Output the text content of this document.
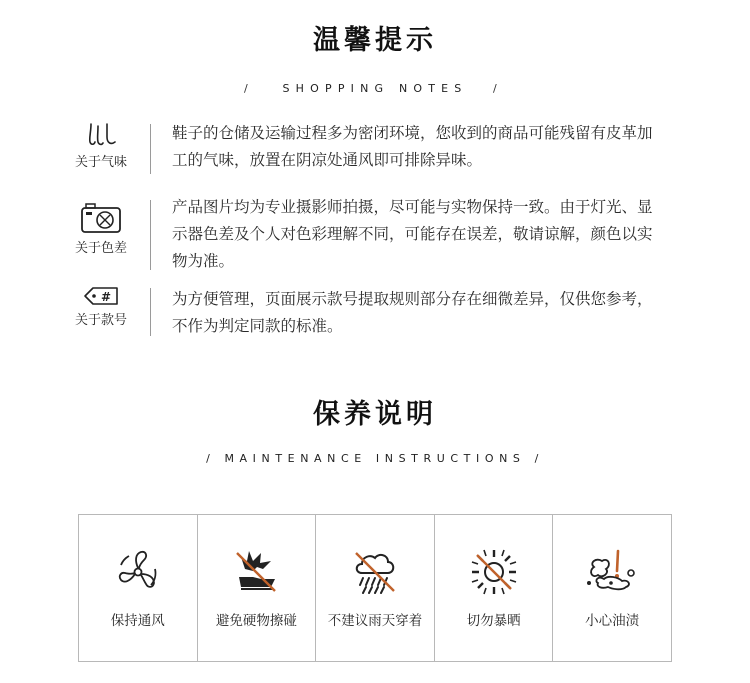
温馨提示
/	SHOPPING NOTES /
关于气味
鞋子的仓储及运输过程多为密闭环境，您收到的商品可能残留有皮革加
工的气味，放置在阴凉处通风即可排除异味。
关于色差
产品图片均为专业摄影师拍摄，尽可能与实物保持一致。由于灯光、显
示器色差及个人对色彩理解不同，可能存在误差，敬请谅解，颜色以实
物为准。
#
关于款号
为方便管理，页面展示款号提取规则部分存在细微差异，仅供您参考，
不作为判定同款的标准。
保养说明
/ MAINTENANCE INSTRUCTIONS /
保持通风	避免硬物擦碰	不建议雨天穿着	切勿暴晒	小心油渍
